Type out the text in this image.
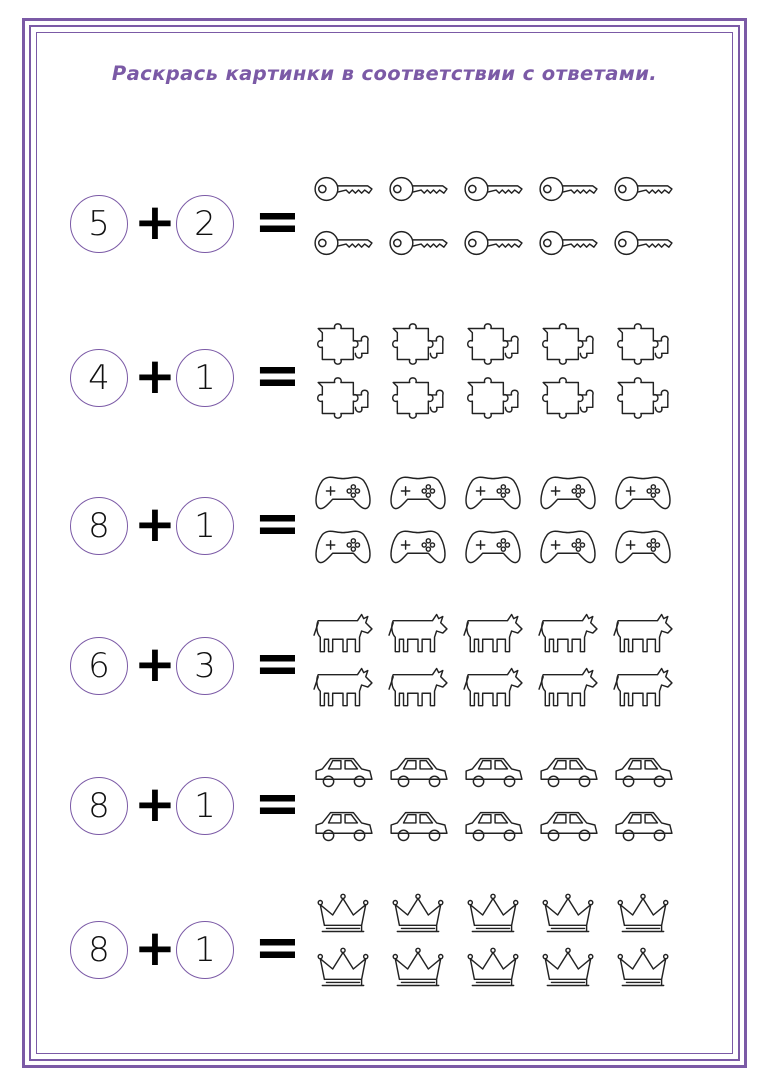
Раскрась картинки в соответствии с ответами.
5 + 2 =
4 + 1 =
8 + 1 =
6 + 3 =
8 + 1 =
8 + 1 =
